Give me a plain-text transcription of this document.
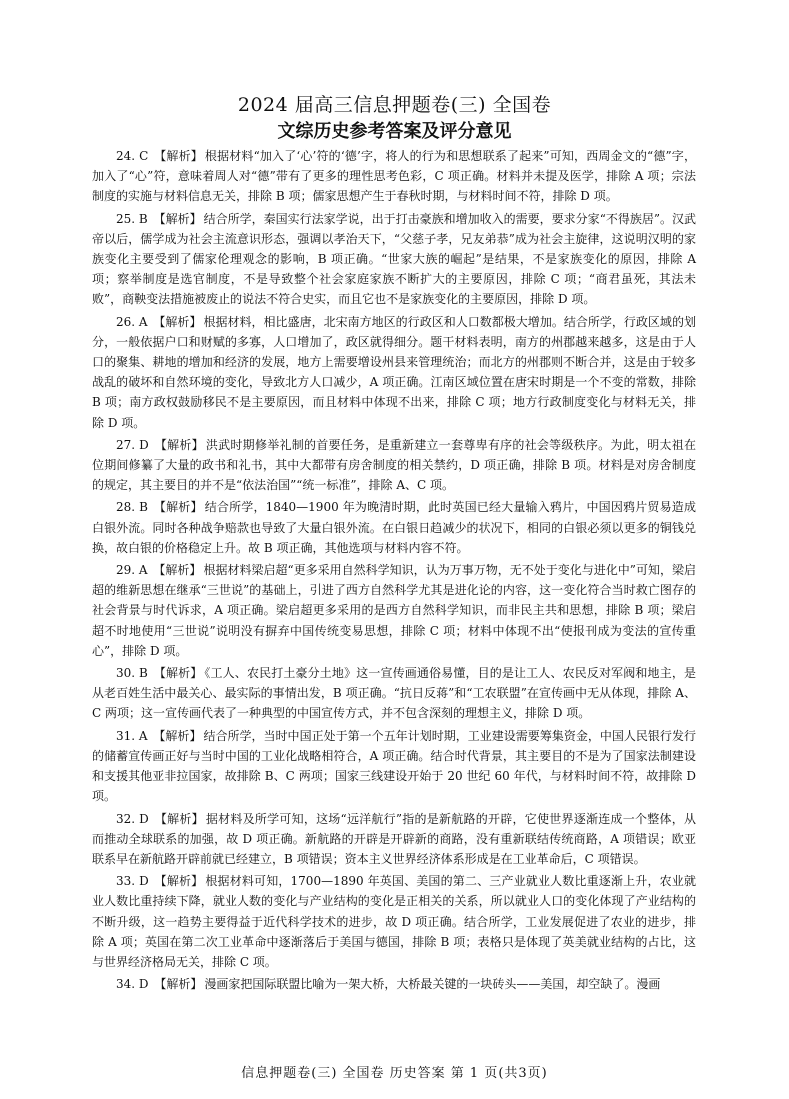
2024 届高三信息押题卷(三) 全国卷
文综历史参考答案及评分意见

24. C 【解析】 根据材料“加入了‘心’符的‘德’字，将人的行为和思想联系了起来”可知，西周金文的“德”字，加入了“心”符，意味着周人对“德”带有了更多的理性思考色彩，C 项正确。材料并未提及医学，排除 A 项；宗法制度的实施与材料信息无关，排除 B 项；儒家思想产生于春秋时期，与材料时间不符，排除 D 项。

25. B 【解析】 结合所学，秦国实行法家学说，出于打击豪族和增加收入的需要，要求分家“不得族居”。汉武帝以后，儒学成为社会主流意识形态，强调以孝治天下，“父慈子孝，兄友弟恭”成为社会主旋律，这说明汉明的家族变化主要受到了儒家伦理观念的影响，B 项正确。“世家大族的崛起”是结果，不是家族变化的原因，排除 A 项；察举制度是选官制度，不是导致整个社会家庭家族不断扩大的主要原因，排除 C 项；“商君虽死，其法未败”，商鞅变法措施被废止的说法不符合史实，而且它也不是家族变化的主要原因，排除 D 项。

26. A 【解析】 根据材料，相比盛唐，北宋南方地区的行政区和人口数都极大增加。结合所学，行政区域的划分，一般依据户口和财赋的多寡，人口增加了，政区就得细分。题干材料表明，南方的州郡越来越多，这是由于人口的聚集、耕地的增加和经济的发展，地方上需要增设州县来管理统治；而北方的州郡则不断合并，这是由于较多战乱的破坏和自然环境的变化，导致北方人口减少，A 项正确。江南区域位置在唐宋时期是一个不变的常数，排除 B 项；南方政权鼓励移民不是主要原因，而且材料中体现不出来，排除 C 项；地方行政制度变化与材料无关，排除 D 项。

27. D 【解析】 洪武时期修举礼制的首要任务，是重新建立一套尊卑有序的社会等级秩序。为此，明太祖在位期间修纂了大量的政书和礼书，其中大都带有房舍制度的相关禁约，D 项正确，排除 B 项。材料是对房舍制度的规定，其主要目的并不是“依法治国”“统一标准”，排除 A、C 项。

28. B 【解析】 结合所学，1840—1900 年为晚清时期，此时英国已经大量输入鸦片，中国因鸦片贸易造成白银外流。同时各种战争赔款也导致了大量白银外流。在白银日趋减少的状况下，相同的白银必须以更多的铜钱兑换，故白银的价格稳定上升。故 B 项正确，其他选项与材料内容不符。

29. A 【解析】 根据材料梁启超“更多采用自然科学知识，认为万事万物，无不处于变化与进化中”可知，梁启超的维新思想在继承“三世说”的基础上，引进了西方自然科学尤其是进化论的内容，这一变化符合当时救亡图存的社会背景与时代诉求，A 项正确。梁启超更多采用的是西方自然科学知识，而非民主共和思想，排除 B 项；梁启超不时地使用“三世说”说明没有摒弃中国传统变易思想，排除 C 项；材料中体现不出“使报刊成为变法的宣传重心”，排除 D 项。

30. B 【解析】 《工人、农民打土豪分土地》这一宣传画通俗易懂，目的是让工人、农民反对军阀和地主，是从老百姓生活中最关心、最实际的事情出发，B 项正确。“抗日反蒋”和“工农联盟”在宣传画中无从体现，排除 A、C 两项；这一宣传画代表了一种典型的中国宣传方式，并不包含深刻的理想主义，排除 D 项。

31. A 【解析】 结合所学，当时中国正处于第一个五年计划时期，工业建设需要筹集资金，中国人民银行发行的储蓄宣传画正好与当时中国的工业化战略相符合，A 项正确。结合时代背景，其主要目的不是为了国家法制建设和支援其他亚非拉国家，故排除 B、C 两项；国家三线建设开始于 20 世纪 60 年代，与材料时间不符，故排除 D 项。

32. D 【解析】 据材料及所学可知，这场“远洋航行”指的是新航路的开辟，它使世界逐渐连成一个整体，从而推动全球联系的加强，故 D 项正确。新航路的开辟是开辟新的商路，没有重新联结传统商路，A 项错误；欧亚联系早在新航路开辟前就已经建立，B 项错误；资本主义世界经济体系形成是在工业革命后，C 项错误。

33. D 【解析】 根据材料可知，1700—1890 年英国、美国的第二、三产业就业人数比重逐渐上升，农业就业人数比重持续下降，就业人数的变化与产业结构的变化是正相关的关系，所以就业人口的变化体现了产业结构的不断升级，这一趋势主要得益于近代科学技术的进步，故 D 项正确。结合所学，工业发展促进了农业的进步，排除 A 项；英国在第二次工业革命中逐渐落后于美国与德国，排除 B 项；表格只是体现了英美就业结构的占比，这与世界经济格局无关，排除 C 项。

34. D 【解析】 漫画家把国际联盟比喻为一架大桥，大桥最关键的一块砖头——美国，却空缺了。漫画

信息押题卷(三) 全国卷 历史答案 第 1 页(共3页)
